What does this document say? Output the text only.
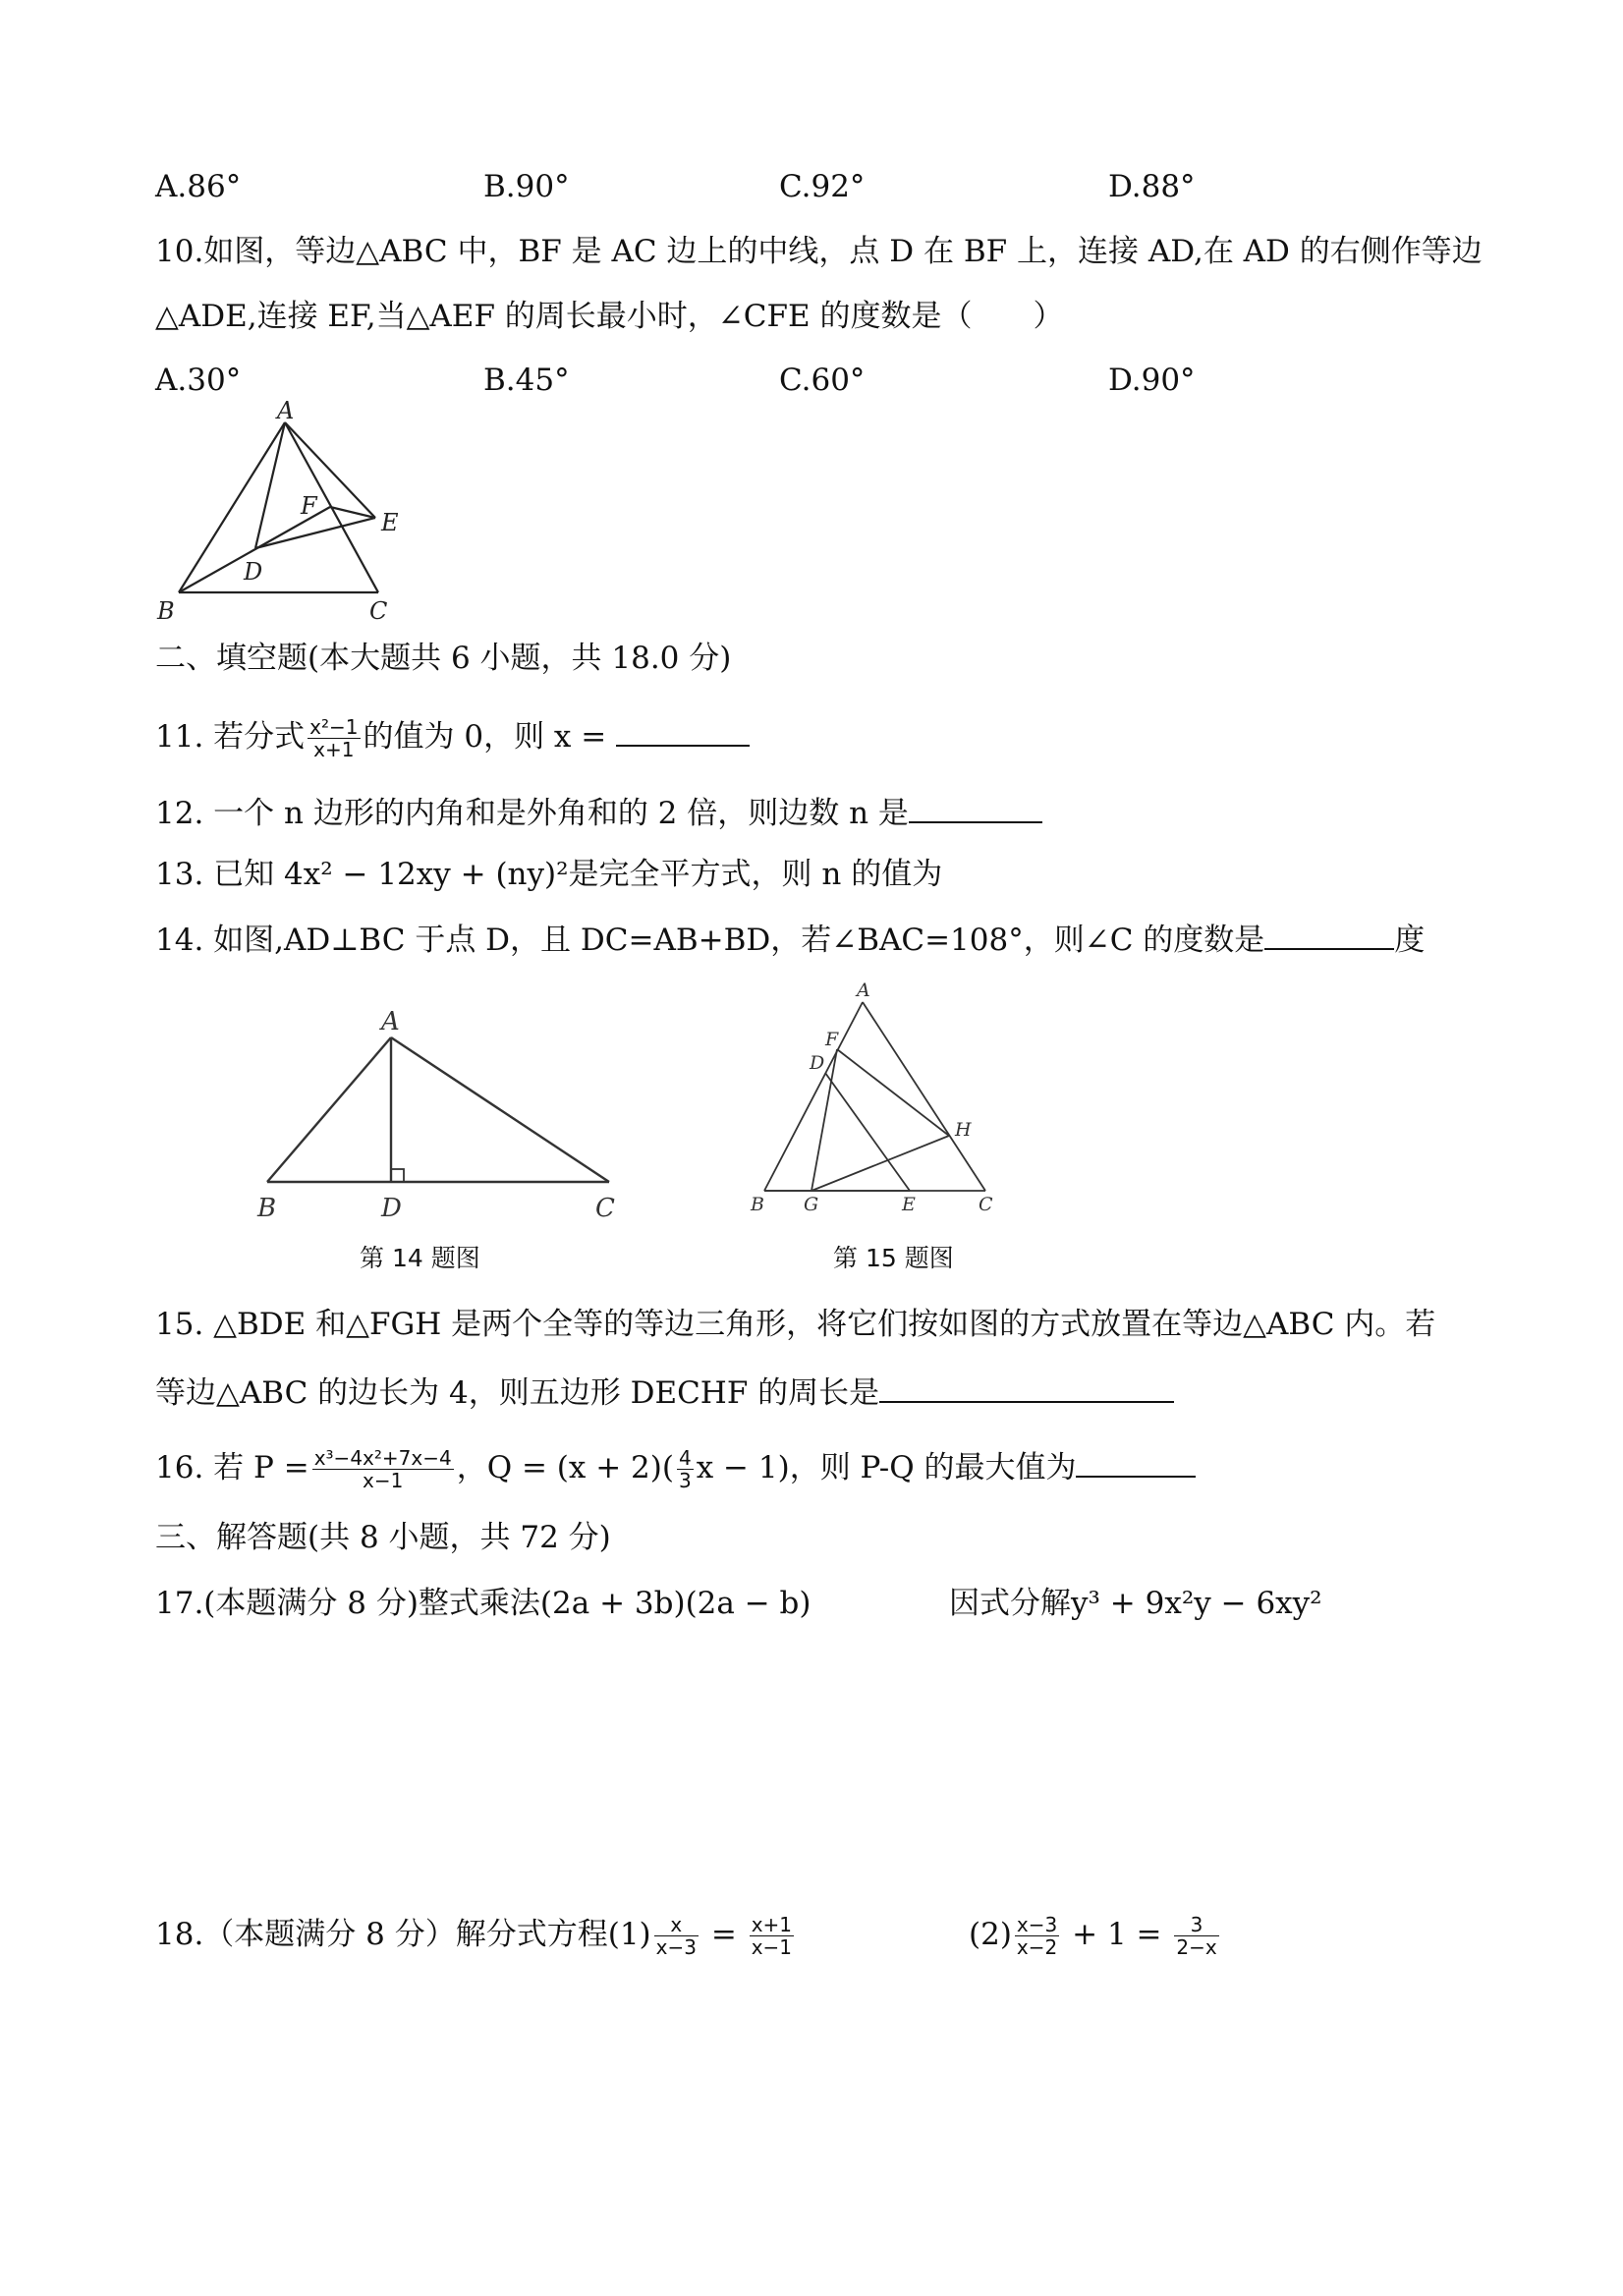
A.86°	B.90°	C.92°	D.88°
10.如图，等边△ABC 中，BF 是 AC 边上的中线，点 D 在 BF 上，连接 AD,在 AD 的右侧作等边
△ADE,连接 EF,当△AEF 的周长最小时，∠CFE 的度数是（　　）
A.30°	B.45°	C.60°	D.90°
A
F
E
D
B	C
二、填空题(本大题共 6 小题，共 18.0 分)
11. 若分式 $\frac{\text{x²−1}}{x+1}$ 的值为 0，则 x =
12. 一个 n 边形的内角和是外角和的 2 倍，则边数 n 是
13. 已知 4x² − 12xy + (ny)²是完全平方式，则 n 的值为
14. 如图,AD⊥BC 于点 D，且 DC=AB+BD，若∠BAC=108°，则∠C 的度数是	度
A
B	D	C
第 14 题图
A
F
D
H
B G	E	C
第 15 题图
15. △BDE 和△FGH 是两个全等的等边三角形，将它们按如图的方式放置在等边△ABC 内。若
等边△ABC 的边长为 4，则五边形 DECHF 的周长是
16. 若 $P = \frac{\text{x³−4x²+7x−4}}{x-1}$ ，$Q = (x + 2)( \frac{4}{3}$ x − 1)，则 P-Q 的最大值为
三、解答题(共 8 小题，共 72 分)
17.(本题满分 8 分)整式乘法(2a + 3b)(2a − b)	因式分解y³ + 9x²y − 6xy²
18.（本题满分 8 分）解分式方程$(1) \frac{x}{x-3} = \frac{x+1}{x-1}$	$(2) \frac{x-3}{x-2} + 1 = \frac{3}{2-x}$
